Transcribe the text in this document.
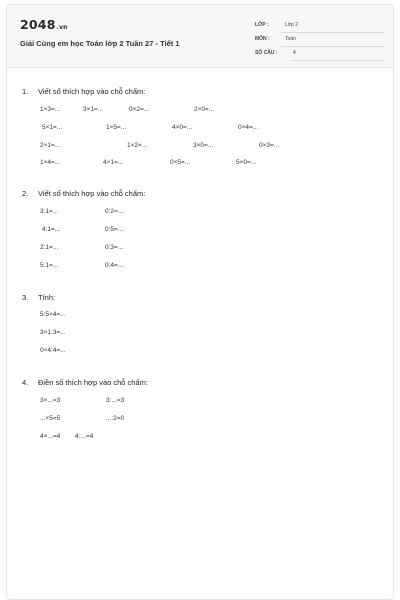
2048.vn
Giải Cùng em học Toán lớp 2 Tuần 27 - Tiết 1
LỚP :	Lớp 2
MÔN :	Toán
SỐ CÂU :	4
1. Viết số thích hợp vào chỗ chấm:
1×3=...	3×1=...	0×2=...	2×0=...
5×1=...	1×5=...	4×0=...	0×4=...
2×1=...	1×2=...	3×0=...	0×3=...
1×4=...	4×1=...	0×5=...	5×0=...
2. Viết số thích hợp vào chỗ chấm:
3:1=...	0:2=...
4:1=...	0:5=...
2:1=...	0:3=...
5:1=...	0:4=...
3. Tính:
5:5×4=...
3×1:3=...
0×4:4=...
4. Điền số thích hợp vào chỗ chấm:
3×...=3	3:...=3
...×5=5	...:2=0
4×...=4 4:...=4
